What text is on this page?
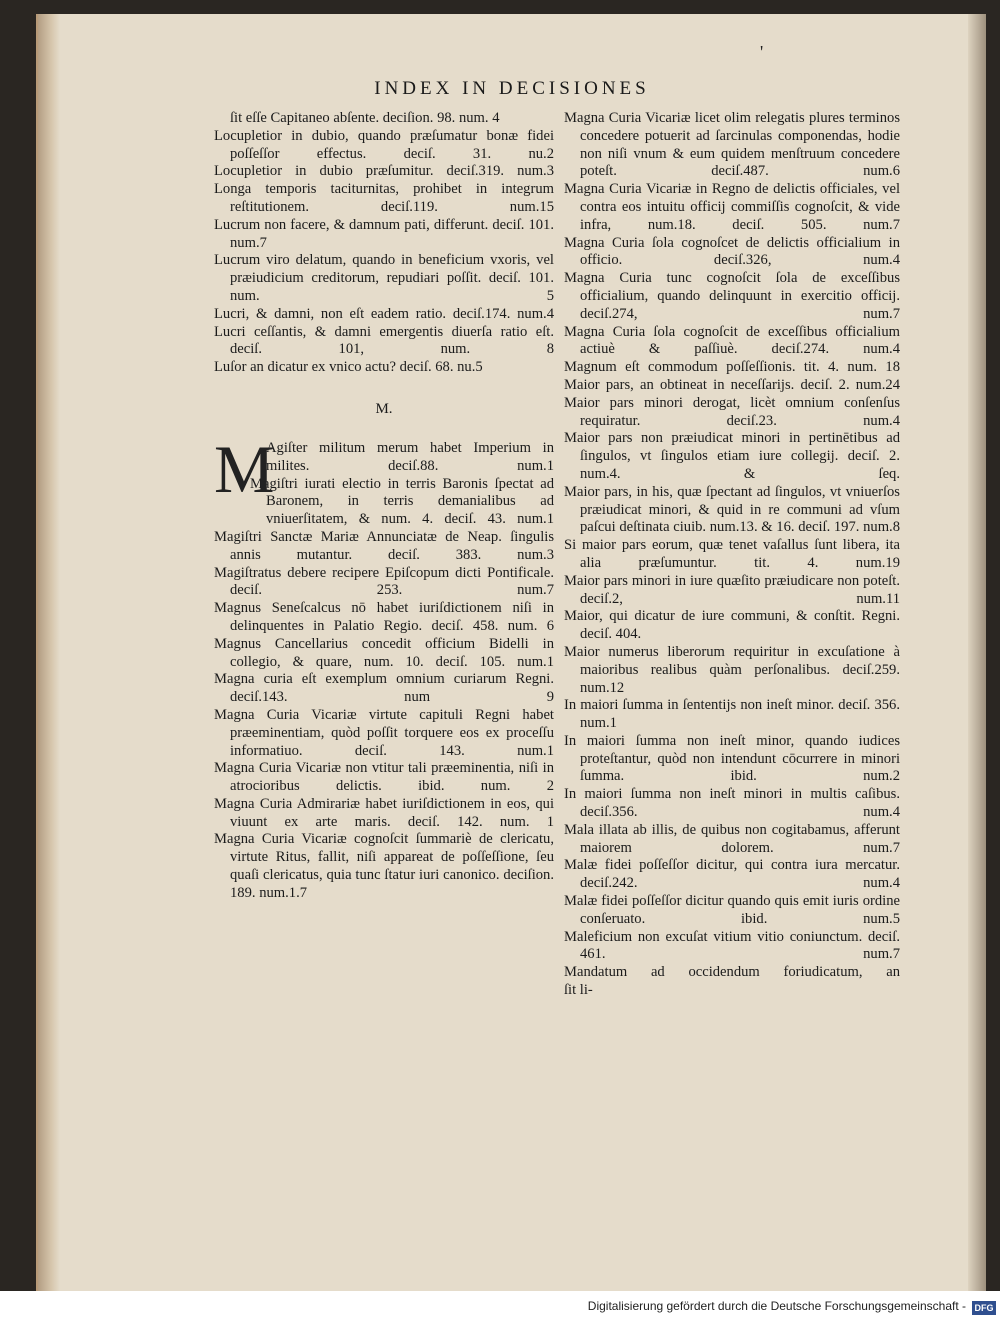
'
INDEX IN DECISIONES
ſit eſſe Capitaneo abſente. deciſion. 98. num. 4
Locupletior in dubio, quando præſumatur bonæ fidei poſſeſſor effectus. deciſ. 31. nu.2
Locupletior in dubio præſumitur. deciſ.319. num.3
Longa temporis taciturnitas, prohibet in integrum reſtitutionem. deciſ.119. num.15
Lucrum non facere, & damnum pati, differunt. deciſ. 101. num.7
Lucrum viro delatum, quando in beneficium vxoris, vel præiudicium creditorum, repudiari poſſit. deciſ. 101. num. 5
Lucri, & damni, non eſt eadem ratio. deciſ.174. num.4
Lucri ceſſantis, & damni emergentis diuerſa ratio eſt. deciſ. 101, num. 8
Luſor an dicatur ex vnico actu? deciſ. 68. nu.5
M.
M
Agiſter militum merum habet Imperium in milites. deciſ.88. num.1
Magiſtri iurati electio in terris Baronis ſpectat ad Baronem, in terris demanialibus ad vniuerſitatem, & num. 4. deciſ. 43. num.1
Magiſtri Sanctæ Mariæ Annunciatæ de Neap. ſingulis annis mutantur. deciſ. 383. num.3
Magiſtratus debere recipere Epiſcopum dicti Pontificale. deciſ. 253. num.7
Magnus Seneſcalcus nō habet iuriſdictionem niſi in delinquentes in Palatio Regio. deciſ. 458. num. 6
Magnus Cancellarius concedit officium Bidelli in collegio, & quare, num. 10. deciſ. 105. num.1
Magna curia eſt exemplum omnium curiarum Regni. deciſ.143. num 9
Magna Curia Vicariæ virtute capituli Regni habet præeminentiam, quòd poſſit torquere eos ex proceſſu informatiuo. deciſ. 143. num.1
Magna Curia Vicariæ non vtitur tali præeminentia, niſi in atrocioribus delictis. ibid. num. 2
Magna Curia Admirariæ habet iuriſdictionem in eos, qui viuunt ex arte maris. deciſ. 142. num. 1
Magna Curia Vicariæ cognoſcit ſummariè de clericatu, virtute Ritus, fallit, niſi appareat de poſſeſſione, ſeu quaſi clericatus, quia tunc ſtatur iuri canonico. deciſion. 189. num.1.7
Magna Curia Vicariæ licet olim relegatis plures terminos concedere potuerit ad ſarcinulas componendas, hodie non niſi vnum & eum quidem menſtruum concedere poteſt. deciſ.487. num.6
Magna Curia Vicariæ in Regno de delictis officiales, vel contra eos intuitu officij commiſſis cognoſcit, & vide infra, num.18. deciſ. 505. num.7
Magna Curia ſola cognoſcet de delictis officialium in officio. deciſ.326, num.4
Magna Curia tunc cognoſcit ſola de exceſſibus officialium, quando delinquunt in exercitio officij. deciſ.274, num.7
Magna Curia ſola cognoſcit de exceſſibus officialium actiuè & paſſiuè. deciſ.274. num.4
Magnum eſt commodum poſſeſſionis. tit. 4. num. 18
Maior pars, an obtineat in neceſſarijs. deciſ. 2. num.24
Maior pars minori derogat, licèt omnium conſenſus requiratur. deciſ.23. num.4
Maior pars non præiudicat minori in pertinētibus ad ſingulos, vt ſingulos etiam iure collegij. deciſ. 2. num.4. & ſeq.
Maior pars, in his, quæ ſpectant ad ſingulos, vt vniuerſos præiudicat minori, & quid in re communi ad vſum paſcui deſtinata ciuib. num.13. & 16. deciſ. 197. num.8
Si maior pars eorum, quæ tenet vaſallus ſunt libera, ita alia præſumuntur. tit. 4. num.19
Maior pars minori in iure quæſito præiudicare non poteſt. deciſ.2, num.11
Maior, qui dicatur de iure communi, & conſtit. Regni. deciſ. 404.
Maior numerus liberorum requiritur in excuſatione à maioribus realibus quàm perſonalibus. deciſ.259. num.12
In maiori ſumma in ſententijs non ineſt minor. deciſ. 356. num.1
In maiori ſumma non ineſt minor, quando iudices proteſtantur, quòd non intendunt cōcurrere in minori ſumma. ibid. num.2
In maiori ſumma non ineſt minori in multis caſibus. deciſ.356. num.4
Mala illata ab illis, de quibus non cogitabamus, afferunt maiorem dolorem. num.7
Malæ fidei poſſeſſor dicitur, qui contra iura mercatur. deciſ.242. num.4
Malæ fidei poſſeſſor dicitur quando quis emit iuris ordine conſeruato. ibid. num.5
Maleficium non excuſat vitium vitio coniunctum. deciſ. 461. num.7
Mandatum ad occidendum foriudicatum, an
ſit li-
Digitalisierung gefördert durch die Deutsche Forschungsgemeinschaft - DFG
